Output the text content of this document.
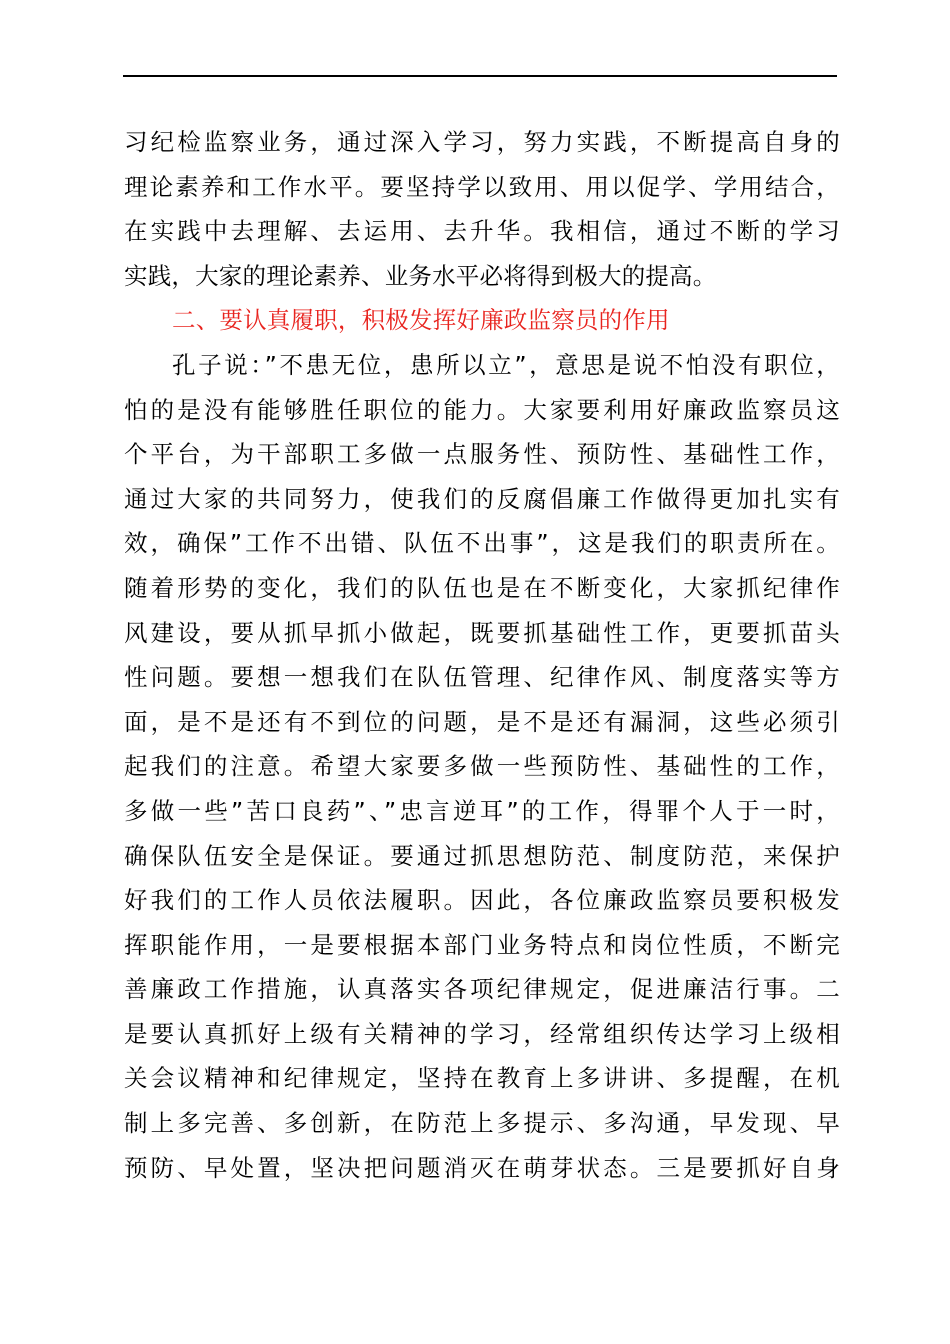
习纪检监察业务，通过深入学习，努力实践，不断提高自身的
理论素养和工作水平。要坚持学以致用、用以促学、学用结合，
在实践中去理解、去运用、去升华。我相信，通过不断的学习
实践，大家的理论素养、业务水平必将得到极大的提高。
二、要认真履职，积极发挥好廉政监察员的作用
孔子说：”不患无位，患所以立”，意思是说不怕没有职位，
怕的是没有能够胜任职位的能力。大家要利用好廉政监察员这
个平台，为干部职工多做一点服务性、预防性、基础性工作，
通过大家的共同努力，使我们的反腐倡廉工作做得更加扎实有
效，确保”工作不出错、队伍不出事”，这是我们的职责所在。
随着形势的变化，我们的队伍也是在不断变化，大家抓纪律作
风建设，要从抓早抓小做起，既要抓基础性工作，更要抓苗头
性问题。要想一想我们在队伍管理、纪律作风、制度落实等方
面，是不是还有不到位的问题，是不是还有漏洞，这些必须引
起我们的注意。希望大家要多做一些预防性、基础性的工作，
多做一些”苦口良药”、”忠言逆耳”的工作，得罪个人于一时，
确保队伍安全是保证。要通过抓思想防范、制度防范，来保护
好我们的工作人员依法履职。因此，各位廉政监察员要积极发
挥职能作用，一是要根据本部门业务特点和岗位性质，不断完
善廉政工作措施，认真落实各项纪律规定，促进廉洁行事。二
是要认真抓好上级有关精神的学习，经常组织传达学习上级相
关会议精神和纪律规定，坚持在教育上多讲讲、多提醒，在机
制上多完善、多创新，在防范上多提示、多沟通，早发现、早
预防、早处置，坚决把问题消灭在萌芽状态。三是要抓好自身
